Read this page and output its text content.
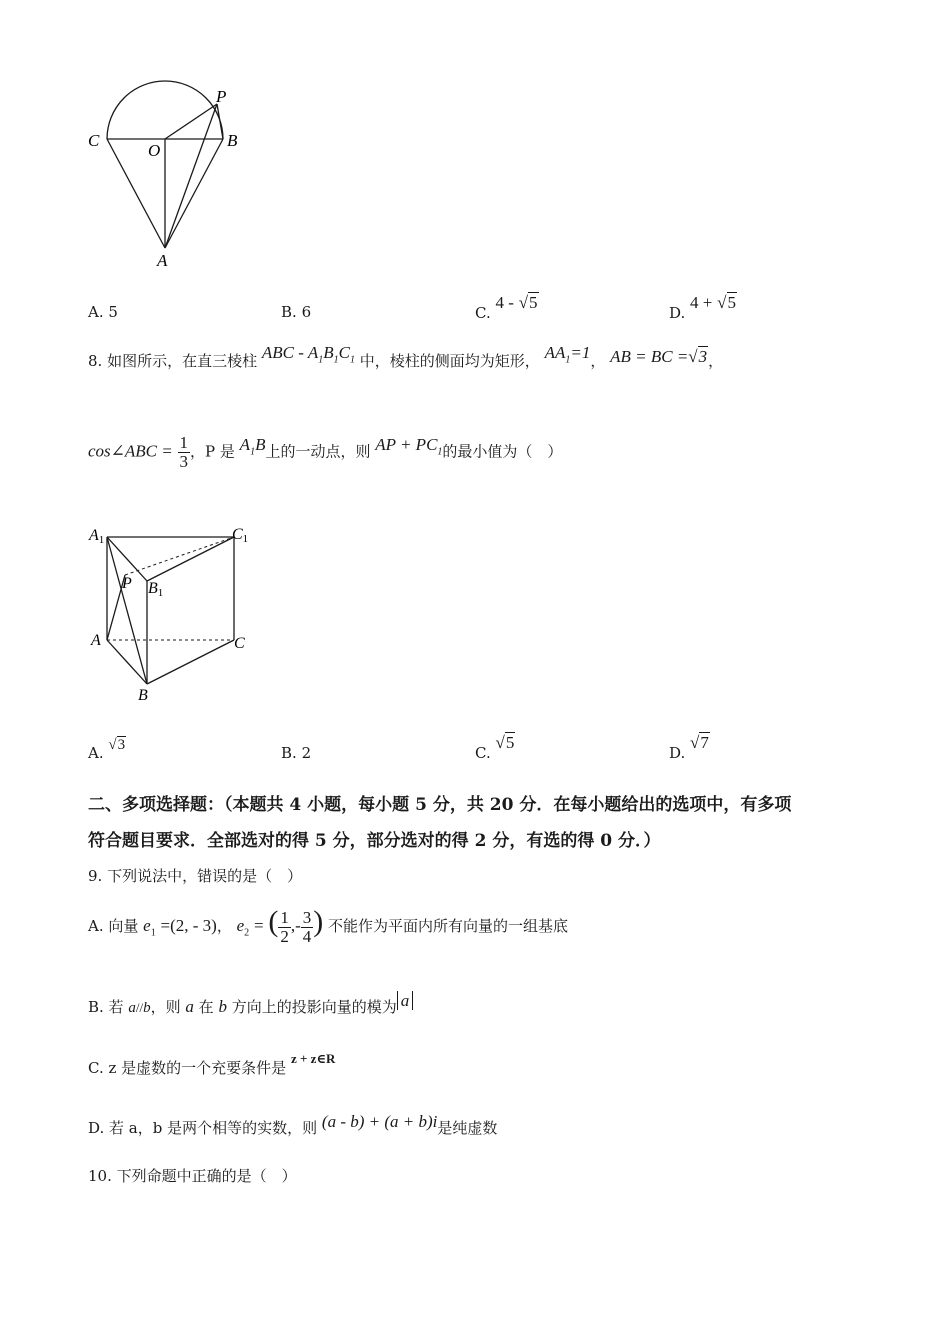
C
O
P
B
A
A. 5	B. 6	C. 4 - √5
D. 4 + √5
8. 如图所示，在直三棱柱 ABC - $A_1B_1C_1$ 中，棱柱的侧面均为矩形， $AA_1=1$， AB = BC =√3，
cos∠ABC = $\frac{1}{3}$ ，P 是 $A_1B$上的一动点，则 AP + $PC_1$的最小值为（　）
A1	C1
P B1
A	C
B
A. √3	B. 2	C. √5
D. √7
二、多项选择题：（本题共 4 小题，每小题 5 分，共 20 分．在每小题给出的选项中，有多项
符合题目要求．全部选对的得 5 分，部分选对的得 2 分，有选的得 0 分．）
9. 下列说法中，错误的是（　）
A. 向量 $e_1 =(2$, - 3)， $e_2$ = ( $\frac{1}{2}$ ,- $\frac{3}{4}$ ) 不能作为平面内所有向量的一组基底
B. 若 a//b，则 a 在 b 方向上的投影向量的模为 a
C. z 是虚数的一个充要条件是 z + z∈R
D. 若 a，b 是两个相等的实数，则 (a - b) + (a + b)i是纯虚数
10. 下列命题中正确的是（　）
